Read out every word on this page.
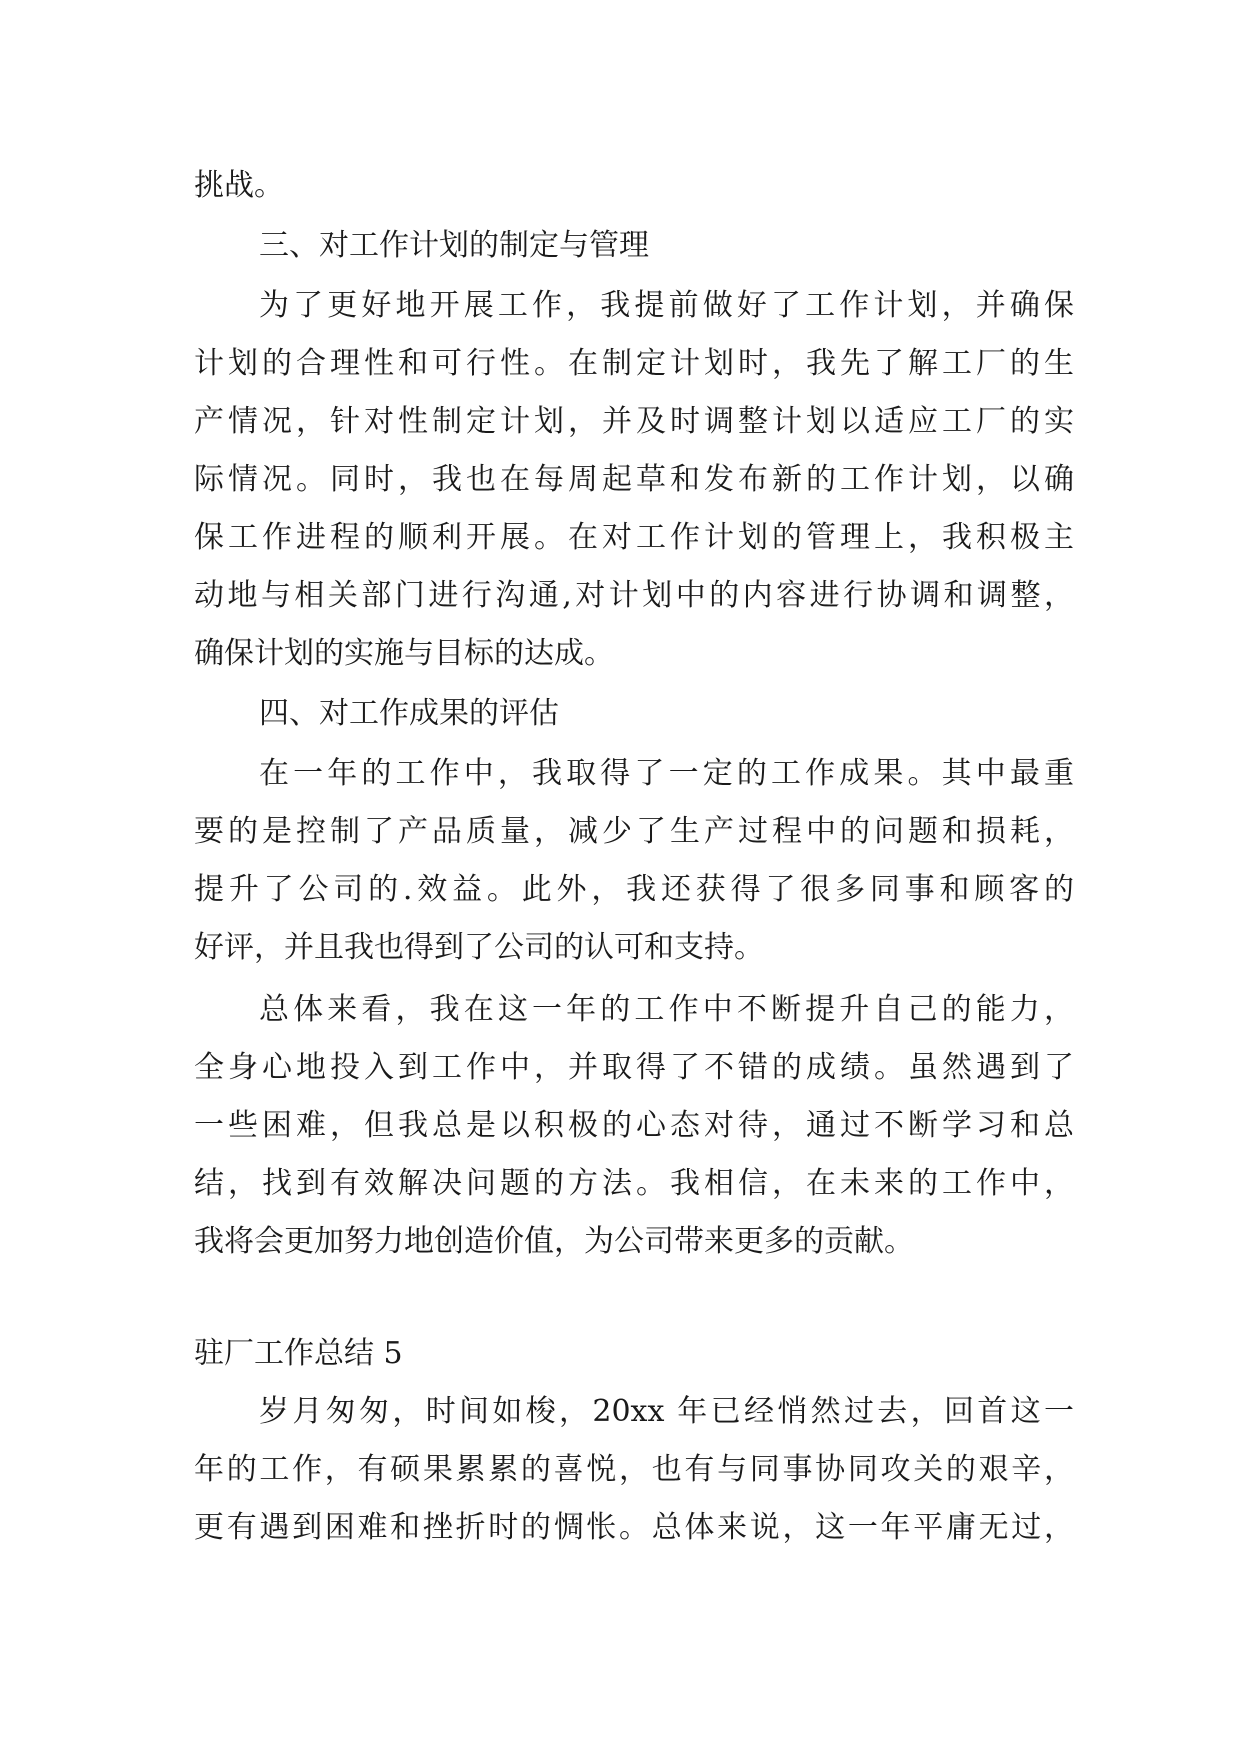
挑战。
三、对工作计划的制定与管理
为了更好地开展工作，我提前做好了工作计划，并确保
计划的合理性和可行性。在制定计划时，我先了解工厂的生
产情况，针对性制定计划，并及时调整计划以适应工厂的实
际情况。同时，我也在每周起草和发布新的工作计划，以确
保工作进程的顺利开展。在对工作计划的管理上，我积极主
动地与相关部门进行沟通,对计划中的内容进行协调和调整，
确保计划的实施与目标的达成。
四、对工作成果的评估
在一年的工作中，我取得了一定的工作成果。其中最重
要的是控制了产品质量，减少了生产过程中的问题和损耗，
提升了公司的.效益。此外，我还获得了很多同事和顾客的
好评，并且我也得到了公司的认可和支持。
总体来看，我在这一年的工作中不断提升自己的能力，
全身心地投入到工作中，并取得了不错的成绩。虽然遇到了
一些困难，但我总是以积极的心态对待，通过不断学习和总
结，找到有效解决问题的方法。我相信，在未来的工作中，
我将会更加努力地创造价值，为公司带来更多的贡献。
驻厂工作总结 5
岁月匆匆，时间如梭，20xx 年已经悄然过去，回首这一
年的工作，有硕果累累的喜悦，也有与同事协同攻关的艰辛，
更有遇到困难和挫折时的惆怅。总体来说，这一年平庸无过，
